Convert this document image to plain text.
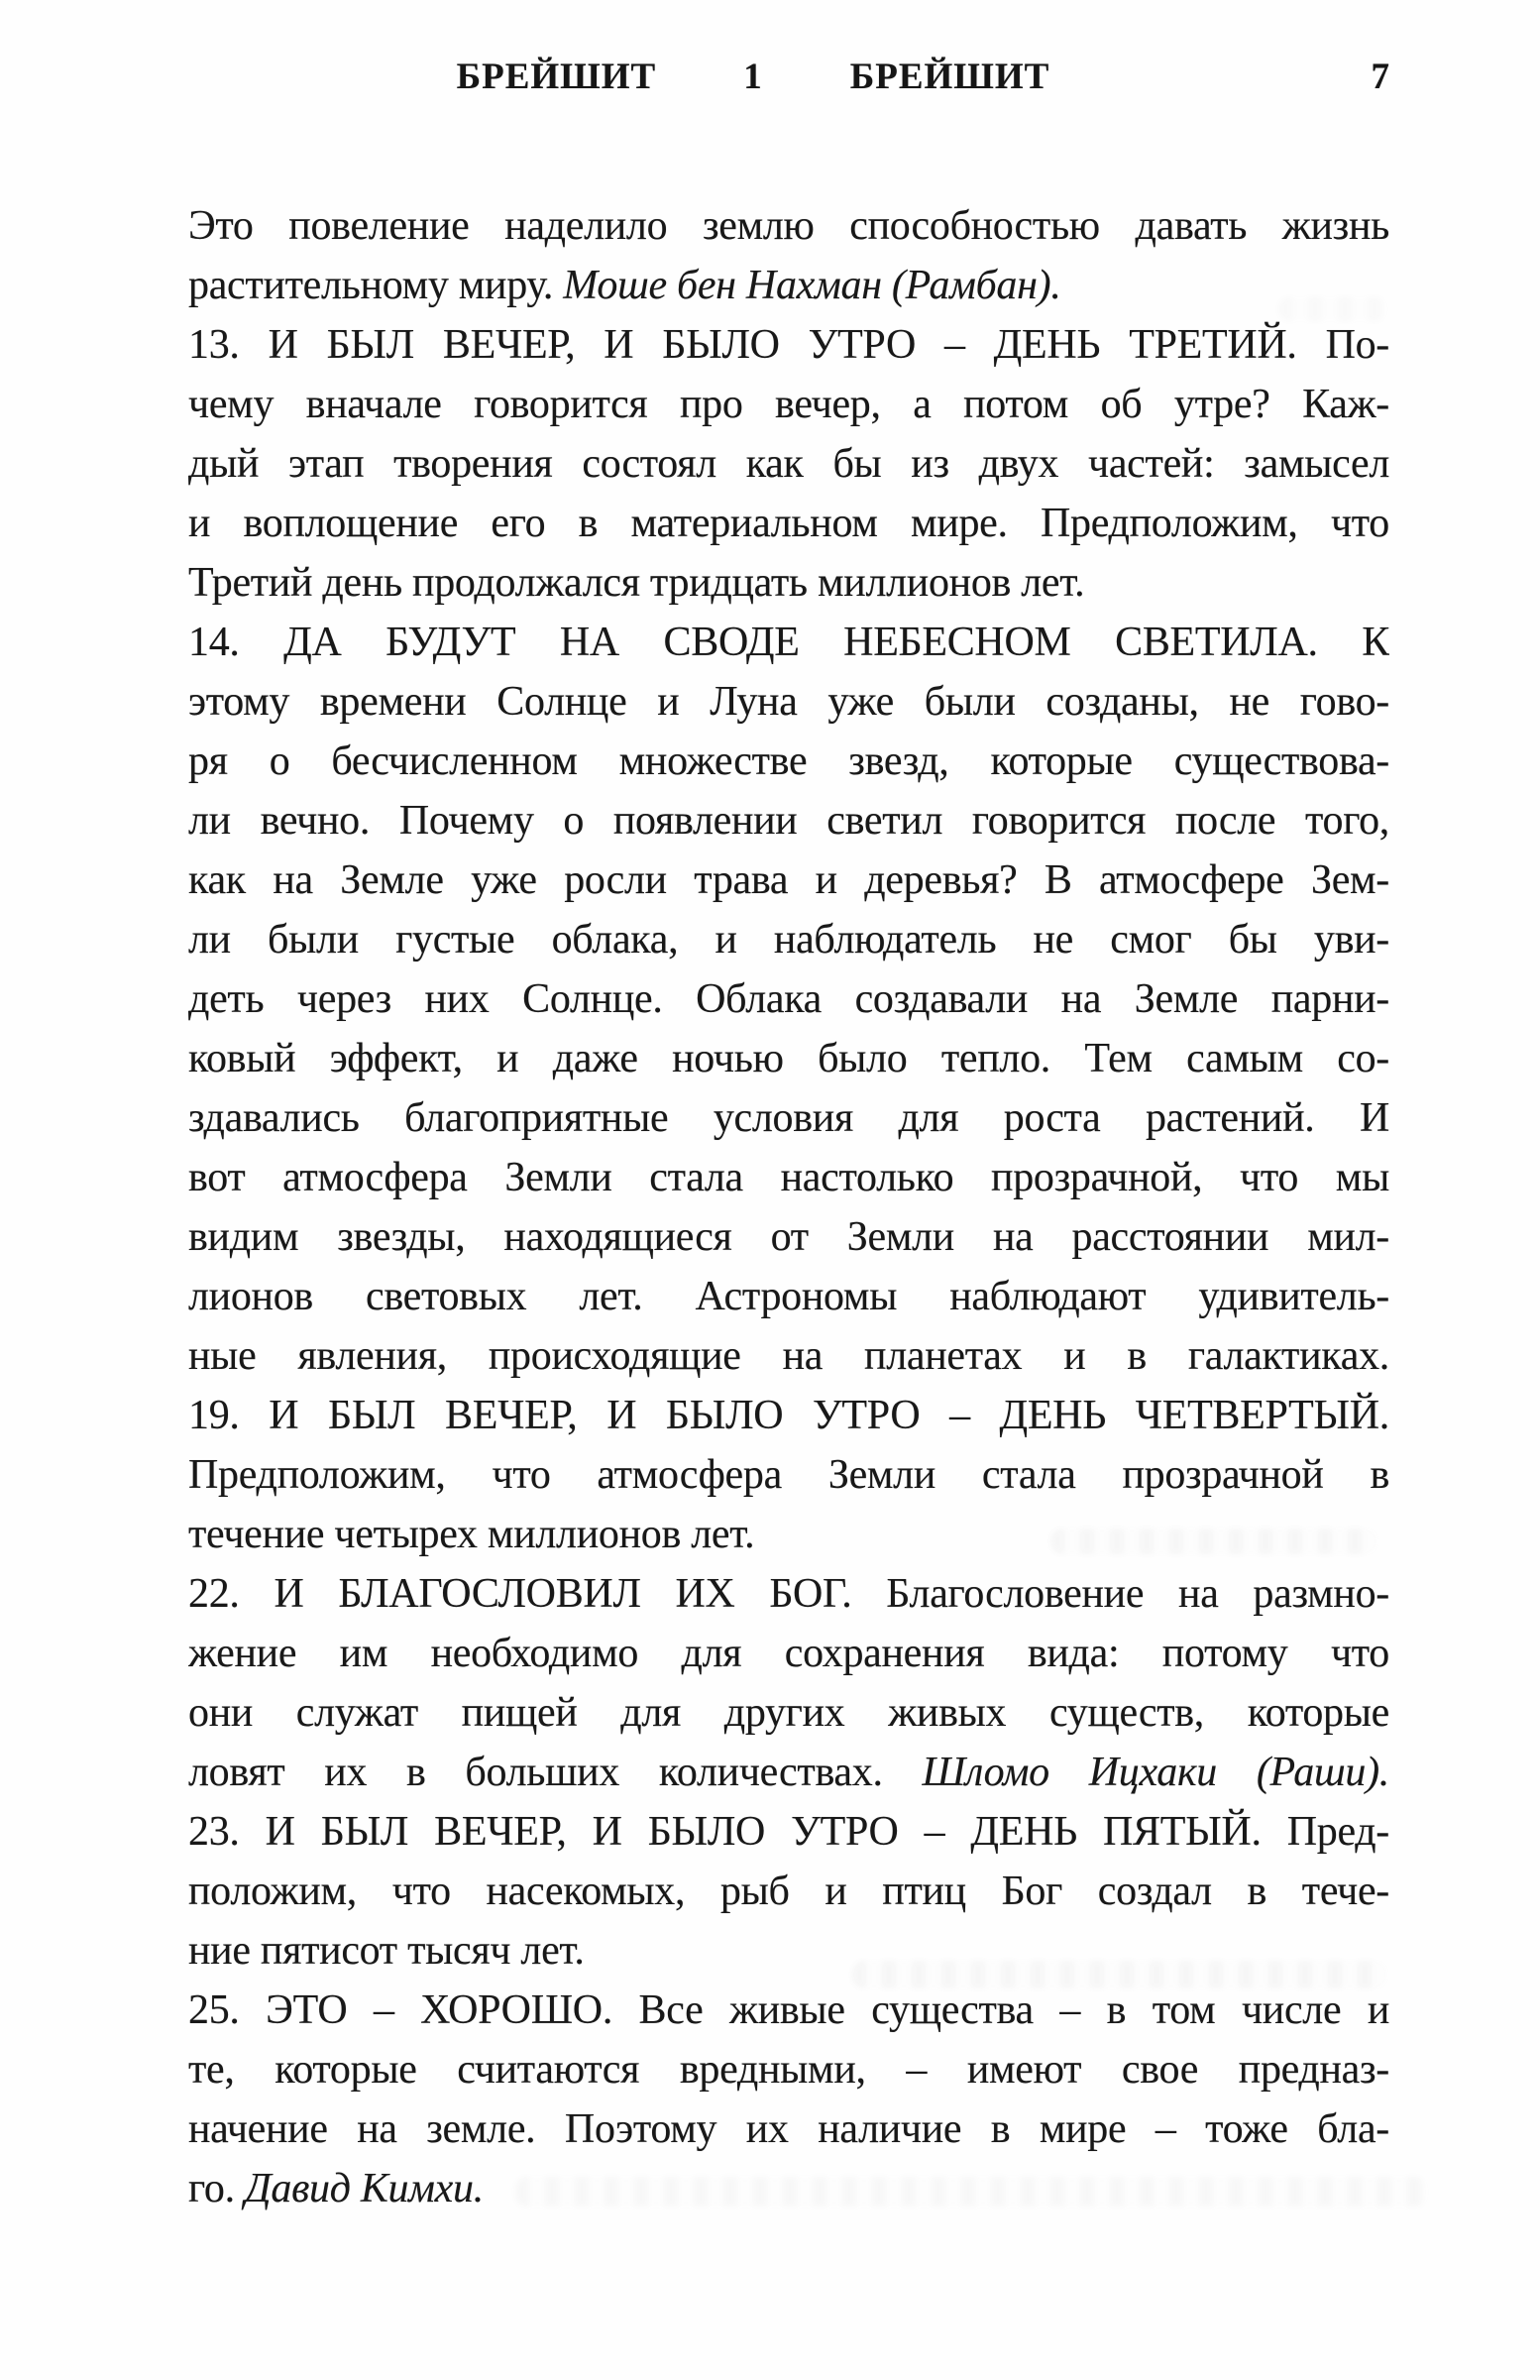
БРЕЙШИТ 1 БРЕЙШИТ	7
Это повеление наделило землю способностью давать жизнь
растительному миру. Моше бен Нахман (Рамбан).
13. И БЫЛ ВЕЧЕР, И БЫЛО УТРО – ДЕНЬ ТРЕТИЙ. По-
чему вначале говорится про вечер, а потом об утре? Каж-
дый этап творения состоял как бы из двух частей: замысел
и воплощение его в материальном мире. Предположим, что
Третий день продолжался тридцать миллионов лет.
14. ДА БУДУТ НА СВОДЕ НЕБЕСНОМ СВЕТИЛА. К
этому времени Солнце и Луна уже были созданы, не гово-
ря о бесчисленном множестве звезд, которые существова-
ли вечно. Почему о появлении светил говорится после того,
как на Земле уже росли трава и деревья? В атмосфере Зем-
ли были густые облака, и наблюдатель не смог бы уви-
деть через них Солнце. Облака создавали на Земле парни-
ковый эффект, и даже ночью было тепло. Тем самым со-
здавались благоприятные условия для роста растений. И
вот атмосфера Земли стала настолько прозрачной, что мы
видим звезды, находящиеся от Земли на расстоянии мил-
лионов световых лет. Астрономы наблюдают удивитель-
ные явления, происходящие на планетах и в галактиках.
19. И БЫЛ ВЕЧЕР, И БЫЛО УТРО – ДЕНЬ ЧЕТВЕРТЫЙ.
Предположим, что атмосфера Земли стала прозрачной в
течение четырех миллионов лет.
22. И БЛАГОСЛОВИЛ ИХ БОГ. Благословение на размно-
жение им необходимо для сохранения вида: потому что
они служат пищей для других живых существ, которые
ловят их в больших количествах. Шломо Ицхаки (Раши).
23. И БЫЛ ВЕЧЕР, И БЫЛО УТРО – ДЕНЬ ПЯТЫЙ. Пред-
положим, что насекомых, рыб и птиц Бог создал в тече-
ние пятисот тысяч лет.
25. ЭТО – ХОРОШО. Все живые существа – в том числе и
те, которые считаются вредными, – имеют свое предназ-
начение на земле. Поэтому их наличие в мире – тоже бла-
го. Давид Кимхи.
